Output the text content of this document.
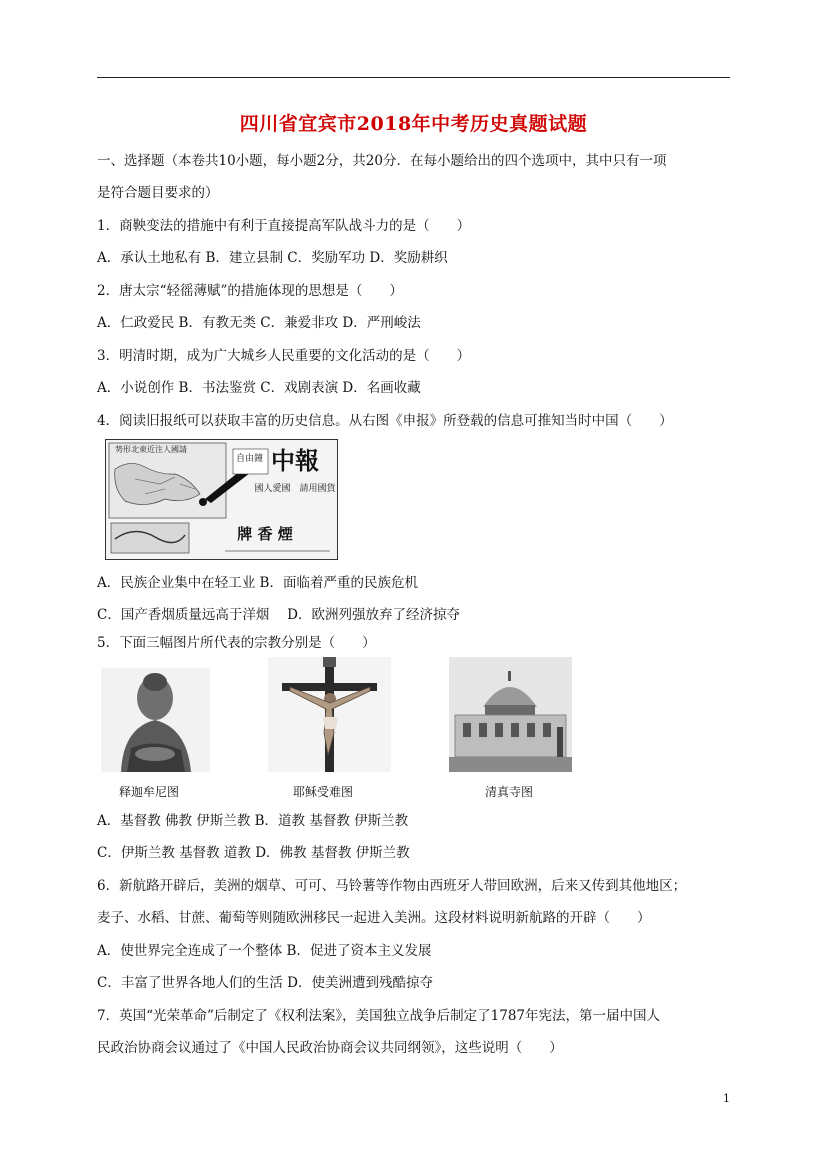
四川省宜宾市2018年中考历史真题试题
一、选择题（本卷共10小题，每小题2分，共20分．在每小题给出的四个选项中，其中只有一项
是符合题目要求的）
1．商鞅变法的措施中有利于直接提高军队战斗力的是（　　）
A．承认土地私有 B．建立县制 C．奖励军功 D．奖励耕织
2．唐太宗“轻徭薄赋”的措施体现的思想是（　　）
A．仁政爱民 B．有教无类 C．兼爱非攻 D．严刑峻法
3．明清时期，成为广大城乡人民重要的文化活动的是（　　）
A．小说创作 B．书法鉴赏 C．戏剧表演 D．名画收藏
4．阅读旧报纸可以获取丰富的历史信息。从右图《申报》所登载的信息可推知当时中国（　　）
势形北東近注人國請
自由鐘 中報
國人愛國　請用國貨
牌 香 煙
A．民族企业集中在轻工业 B．面临着严重的民族危机
C．国产香烟质量远高于洋烟　 D．欧洲列强放弃了经济掠夺
5．下面三幅图片所代表的宗教分别是（　　）
释迦牟尼图	耶稣受难图	清真寺图
A．基督教 佛教 伊斯兰教 B．道教 基督教 伊斯兰教
C．伊斯兰教 基督教 道教 D．佛教 基督教 伊斯兰教
6．新航路开辟后，美洲的烟草、可可、马铃薯等作物由西班牙人带回欧洲，后来又传到其他地区；
麦子、水稻、甘蔗、葡萄等则随欧洲移民一起进入美洲。这段材料说明新航路的开辟（　　）
A．使世界完全连成了一个整体 B．促进了资本主义发展
C．丰富了世界各地人们的生活 D．使美洲遭到残酷掠夺
7．英国“光荣革命”后制定了《权利法案》，美国独立战争后制定了1787年宪法，第一届中国人
民政治协商会议通过了《中国人民政治协商会议共同纲领》，这些说明（　　）
1
